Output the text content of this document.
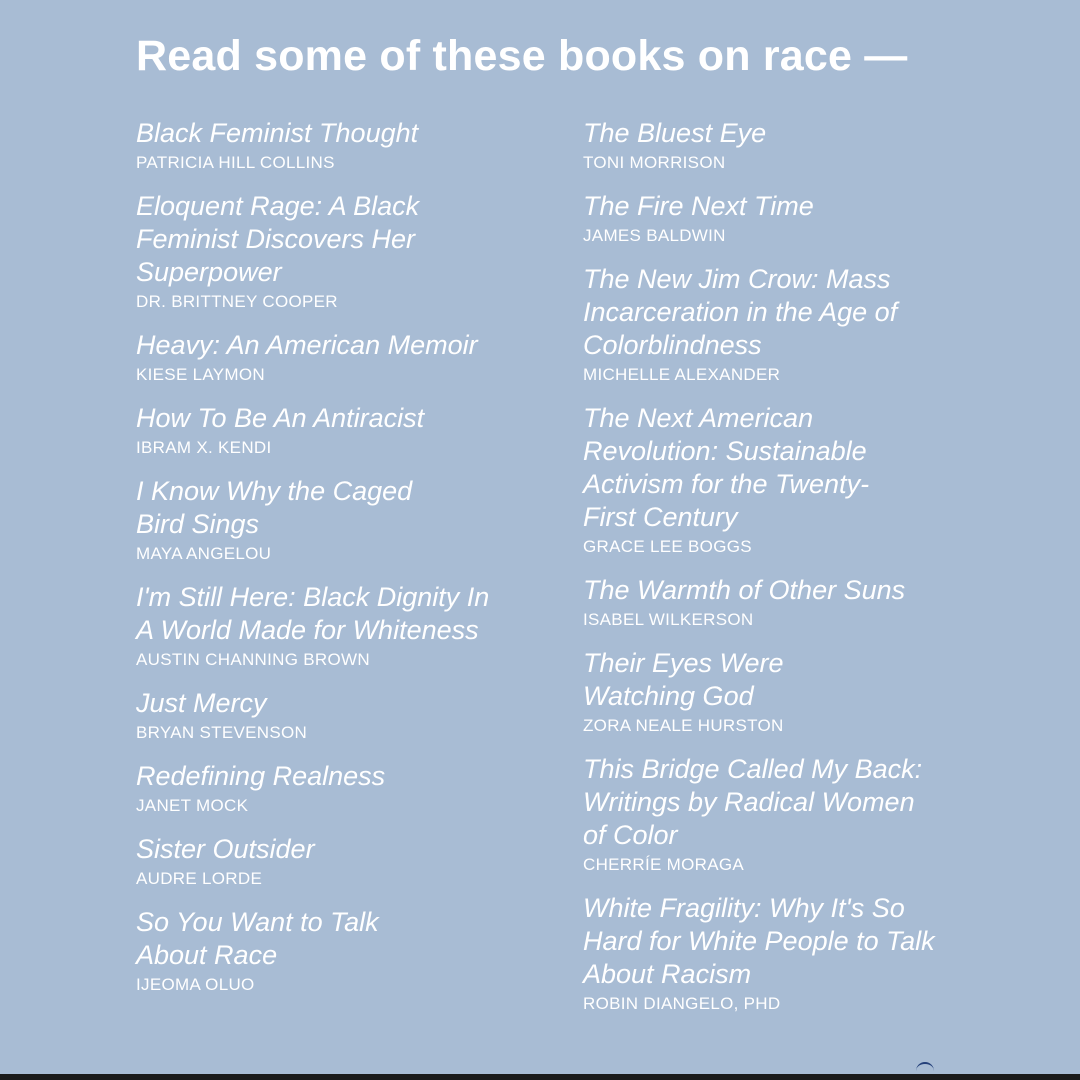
Read some of these books on race —

Black Feminist Thought

PATRICIA HILL COLLINS

Eloquent Rage: A Black Feminist Discovers Her Superpower

DR. BRITTNEY COOPER

Heavy: An American Memoir

KIESE LAYMON

How To Be An Antiracist

IBRAM X. KENDI

I Know Why the Caged Bird Sings

MAYA ANGELOU

I'm Still Here: Black Dignity In A World Made for Whiteness

AUSTIN CHANNING BROWN

Just Mercy

BRYAN STEVENSON

Redefining Realness

JANET MOCK

Sister Outsider

AUDRE LORDE

So You Want to Talk About Race

IJEOMA OLUO

The Bluest Eye

TONI MORRISON

The Fire Next Time

JAMES BALDWIN

The New Jim Crow: Mass Incarceration in the Age of Colorblindness

MICHELLE ALEXANDER

The Next American Revolution: Sustainable Activism for the Twenty-First Century

GRACE LEE BOGGS

The Warmth of Other Suns

ISABEL WILKERSON

Their Eyes Were Watching God

ZORA NEALE HURSTON

This Bridge Called My Back: Writings by Radical Women of Color

CHERRÍE MORAGA

White Fragility: Why It's So Hard for White People to Talk About Racism

ROBIN DIANGELO, PHD
